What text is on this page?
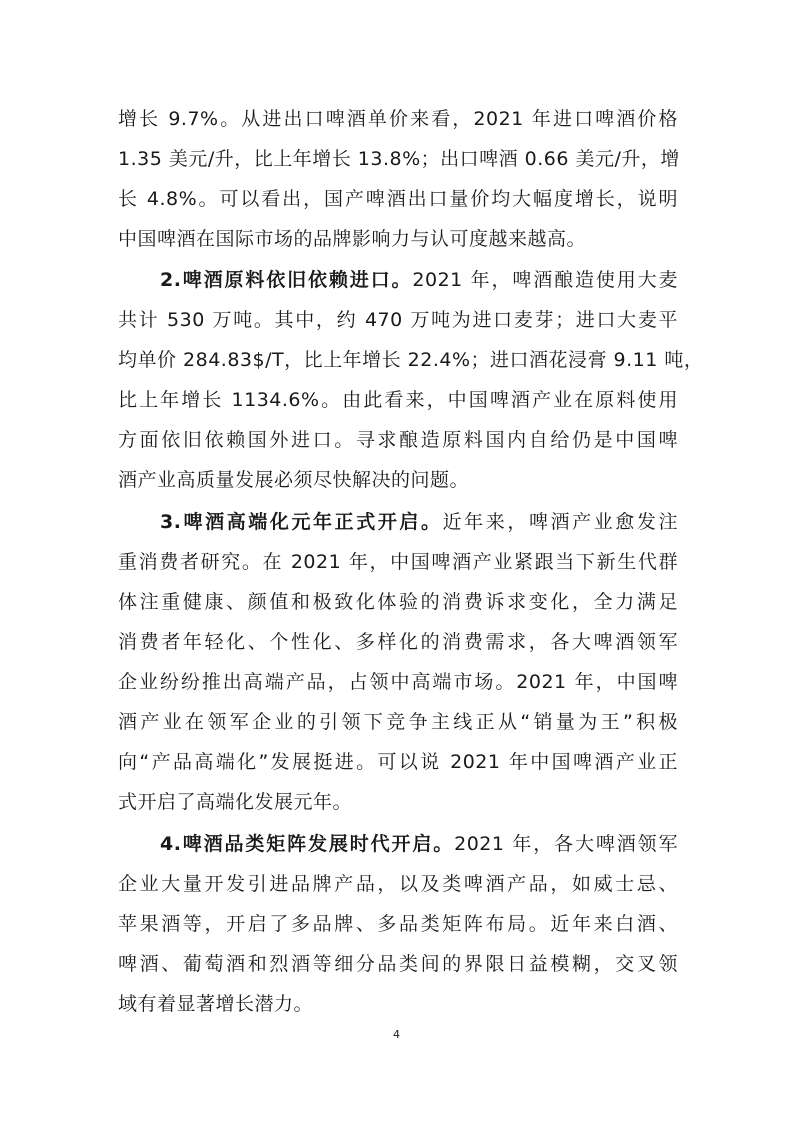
增长 9.7%。从进出口啤酒单价来看，2021 年进口啤酒价格
1.35 美元/升，比上年增长 13.8%；出口啤酒 0.66 美元/升，增
长 4.8%。可以看出，国产啤酒出口量价均大幅度增长，说明
中国啤酒在国际市场的品牌影响力与认可度越来越高。
2.啤酒原料依旧依赖进口。2021 年，啤酒酿造使用大麦
共计 530 万吨。其中，约 470 万吨为进口麦芽；进口大麦平
均单价 284.83$/T，比上年增长 22.4%；进口酒花浸膏 9.11 吨，
比上年增长 1134.6%。由此看来，中国啤酒产业在原料使用
方面依旧依赖国外进口。寻求酿造原料国内自给仍是中国啤
酒产业高质量发展必须尽快解决的问题。
3.啤酒高端化元年正式开启。近年来，啤酒产业愈发注
重消费者研究。在 2021 年，中国啤酒产业紧跟当下新生代群
体注重健康、颜值和极致化体验的消费诉求变化，全力满足
消费者年轻化、个性化、多样化的消费需求，各大啤酒领军
企业纷纷推出高端产品，占领中高端市场。2021 年，中国啤
酒产业在领军企业的引领下竞争主线正从“销量为王”积极
向“产品高端化”发展挺进。可以说 2021 年中国啤酒产业正
式开启了高端化发展元年。
4.啤酒品类矩阵发展时代开启。2021 年，各大啤酒领军
企业大量开发引进品牌产品，以及类啤酒产品，如威士忌、
苹果酒等，开启了多品牌、多品类矩阵布局。近年来白酒、
啤酒、葡萄酒和烈酒等细分品类间的界限日益模糊，交叉领
域有着显著增长潜力。
4
